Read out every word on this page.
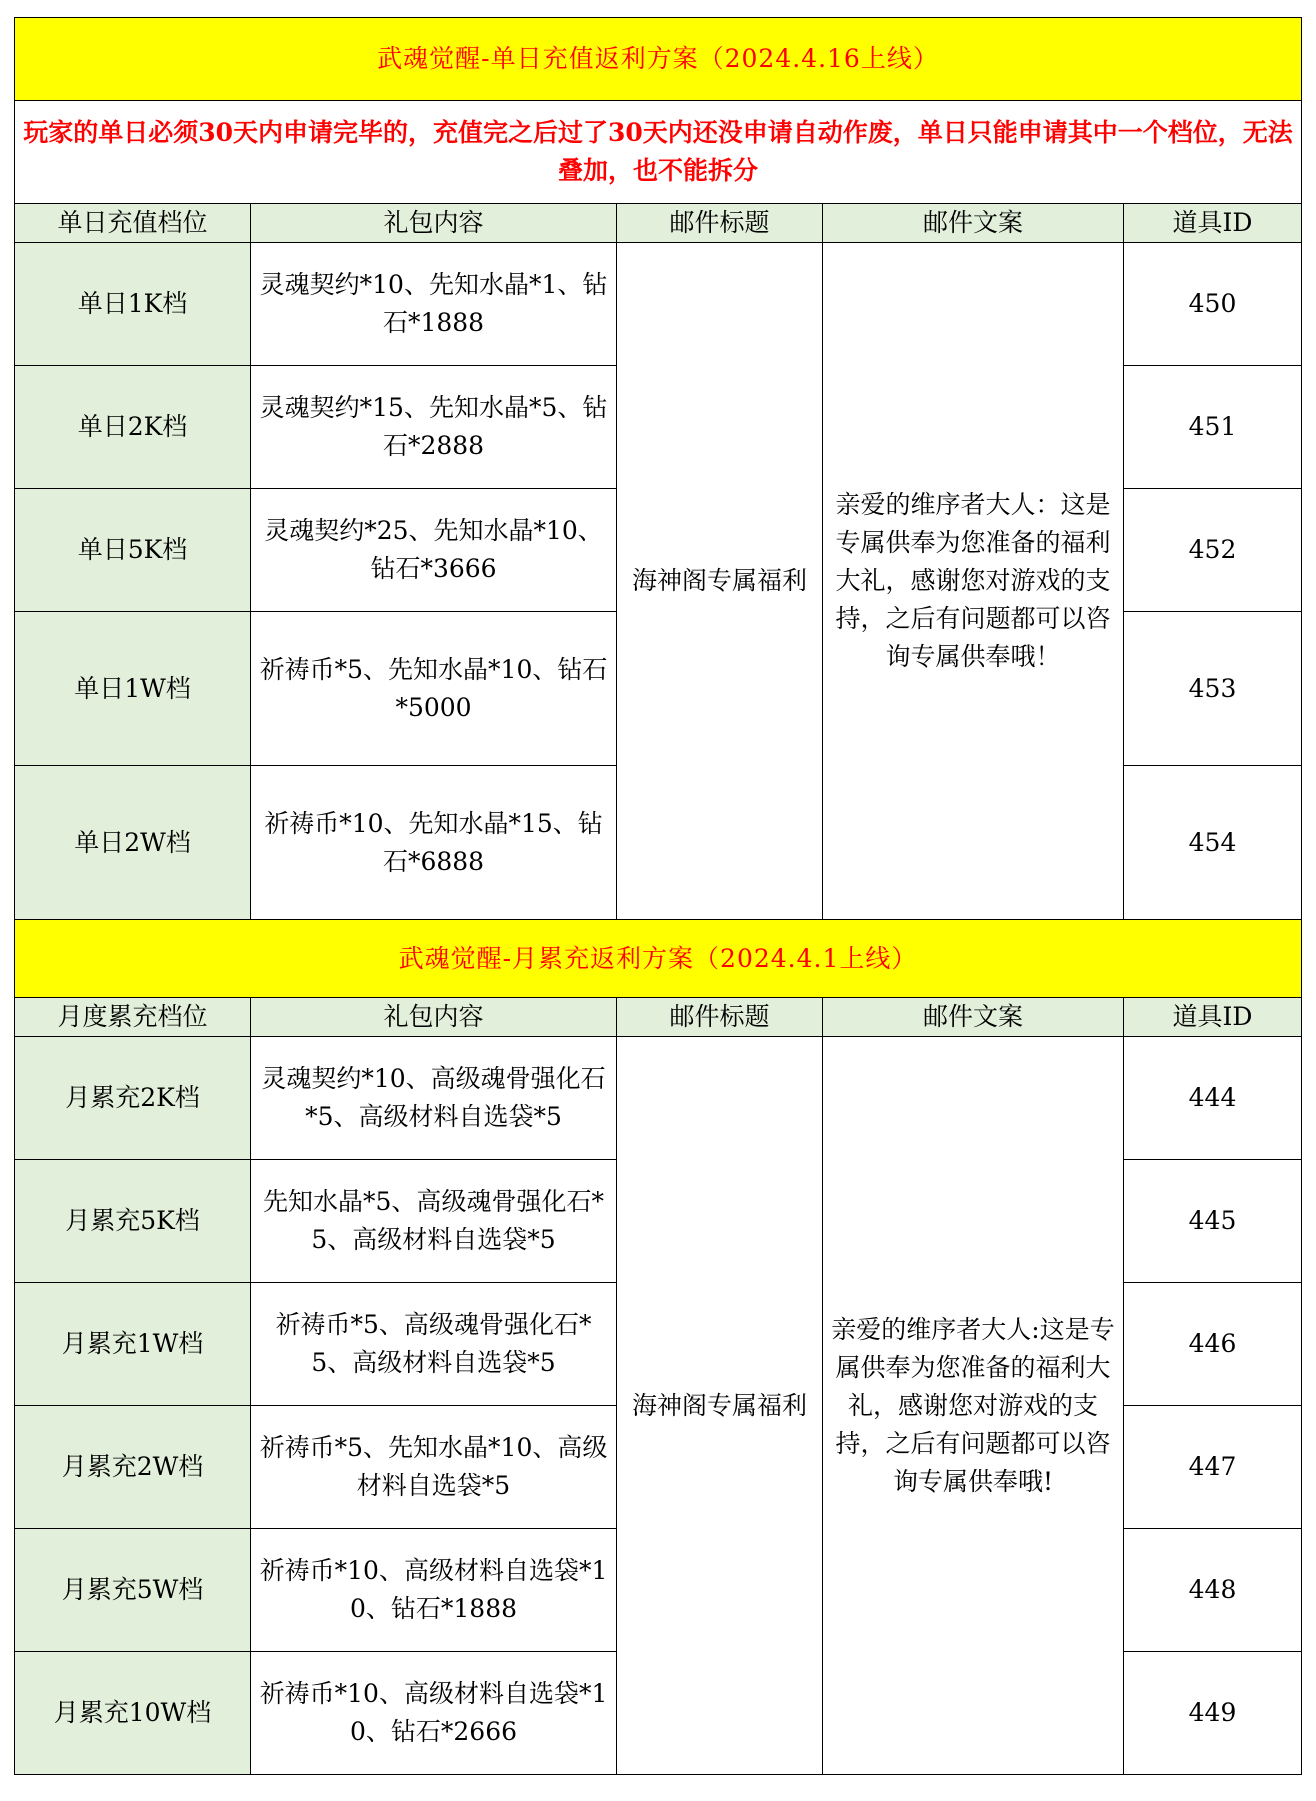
武魂觉醒-单日充值返利方案（2024.4.16上线）				
玩家的单日必须30天内申请完毕的，充值完之后过了30天内还没申请自动作废，单日只能申请其中一个档位，无法叠加，也不能拆分				
单日充值档位	礼包内容	邮件标题	邮件文案	道具ID
单日1K档	灵魂契约*10、先知水晶*1、钻石*1888	海神阁专属福利	亲爱的维序者大人：这是专属供奉为您准备的福利大礼，感谢您对游戏的支持，之后有问题都可以咨询专属供奉哦！	450
单日2K档	灵魂契约*15、先知水晶*5、钻石*2888			451
单日5K档	灵魂契约*25、先知水晶*10、钻石*3666			452
单日1W档	祈祷币*5、先知水晶*10、钻石*5000			453
单日2W档	祈祷币*10、先知水晶*15、钻石*6888			454
武魂觉醒-月累充返利方案（2024.4.1上线）				
月度累充档位	礼包内容	邮件标题	邮件文案	道具ID
月累充2K档	灵魂契约*10、高级魂骨强化石*5、高级材料自选袋*5	海神阁专属福利	亲爱的维序者大人:这是专属供奉为您准备的福利大礼，感谢您对游戏的支持，之后有问题都可以咨询专属供奉哦!	444
月累充5K档	先知水晶*5、高级魂骨强化石*5、高级材料自选袋*5			445
月累充1W档	祈祷币*5、高级魂骨强化石*5、高级材料自选袋*5			446
月累充2W档	祈祷币*5、先知水晶*10、高级材料自选袋*5			447
月累充5W档	祈祷币*10、高级材料自选袋*10、钻石*1888			448
月累充10W档	祈祷币*10、高级材料自选袋*10、钻石*2666			449
